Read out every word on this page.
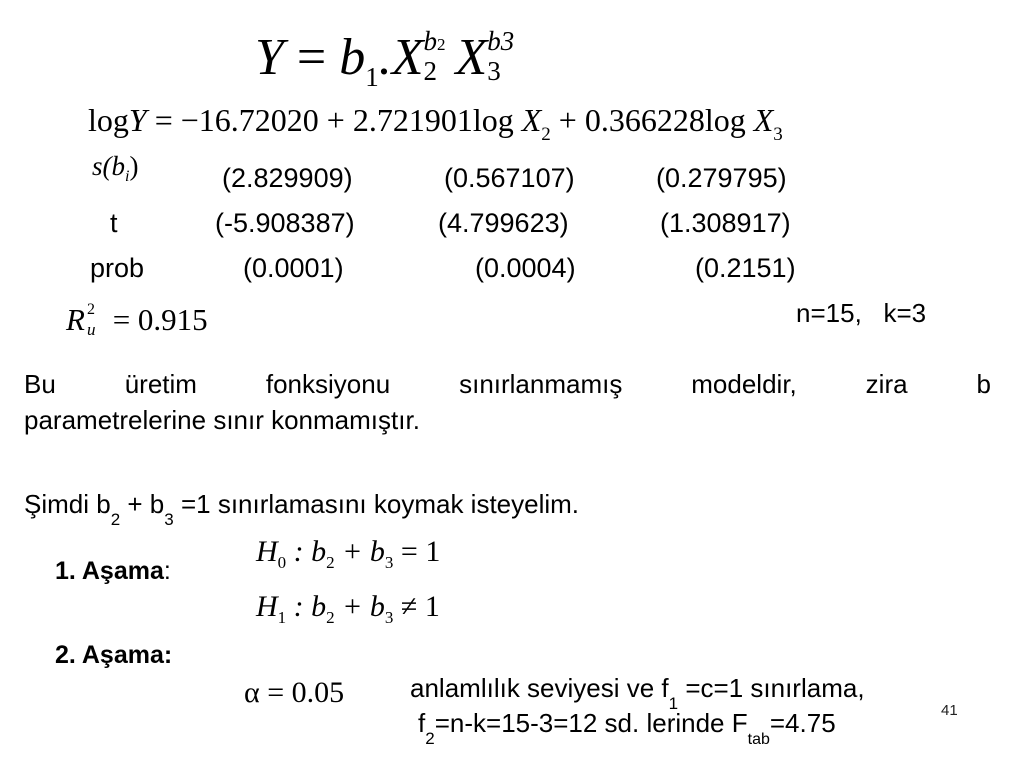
$Y = b_1.X$ b2
2 X b3
3
logY = −16.72020 + 2.721901log $X_2 + 0.366228\log$ $X_3$
$s(b_i)$	(2.829909)	(0.567107)	(0.279795)
t	(-5.908387)	(4.799623)	(1.308917)
prob	(0.0001)	(0.0004)	(0.2151)
R 2
u = 0.915	n=15,   k=3
Bu	üretim	fonksiyonu	sınırlanmamış	modeldir,	zira	b
parametrelerine sınır konmamıştır.
Şimdi $b_2 + b_3 =1$ sınırlamasını koymak isteyelim.
1. Aşama:
$H_0$ : $b_2 + b_3 = 1$
$H_1$ : $b_2 + b_3 \ne 1$
2. Aşama:
α = 0.05	anlamlılık seviyesi ve $f_1 =c=1$ sınırlama,
$f_2=n-k=15-3=12$ sd. lerinde $F_{tab}=4.75$	41
